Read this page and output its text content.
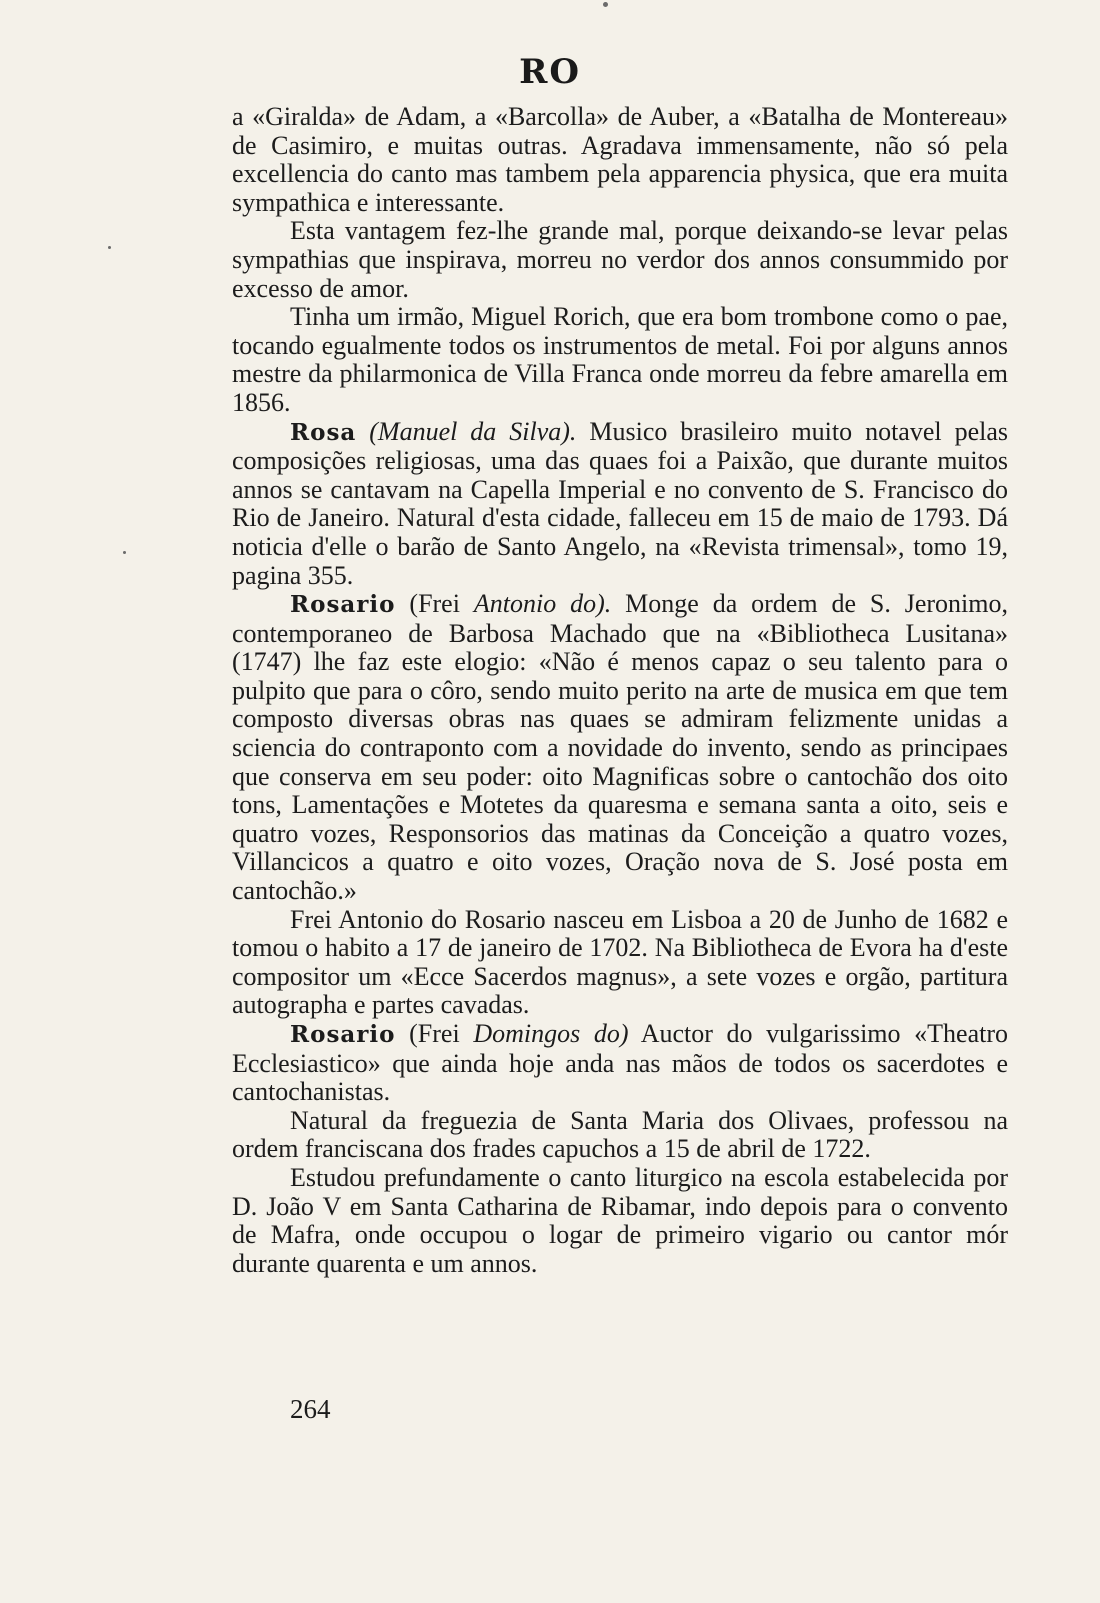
RO

a «Giralda» de Adam, a «Barcolla» de Auber, a «Batalha de Montereau» de Casimiro, e muitas outras. Agradava immensamente, não só pela excellencia do canto mas tambem pela apparencia physica, que era muita sympathica e interessante.

Esta vantagem fez-lhe grande mal, porque deixando-se levar pelas sympathias que inspirava, morreu no verdor dos annos consummido por excesso de amor.

Tinha um irmão, Miguel Rorich, que era bom trombone como o pae, tocando egualmente todos os instrumentos de metal. Foi por alguns annos mestre da philarmonica de Villa Franca onde morreu da febre amarella em 1856.

Rosa (Manuel da Silva). Musico brasileiro muito notavel pelas composições religiosas, uma das quaes foi a Paixão, que durante muitos annos se cantavam na Capella Imperial e no convento de S. Francisco do Rio de Janeiro. Natural d'esta cidade, falleceu em 15 de maio de 1793. Dá noticia d'elle o barão de Santo Angelo, na «Revista trimensal», tomo 19, pagina 355.

Rosario (Frei Antonio do). Monge da ordem de S. Jeronimo, contemporaneo de Barbosa Machado que na «Bibliotheca Lusitana» (1747) lhe faz este elogio: «Não é menos capaz o seu talento para o pulpito que para o côro, sendo muito perito na arte de musica em que tem composto diversas obras nas quaes se admiram felizmente unidas a sciencia do contraponto com a novidade do invento, sendo as principaes que conserva em seu poder: oito Magnificas sobre o cantochão dos oito tons, Lamentações e Motetes da quaresma e semana santa a oito, seis e quatro vozes, Responsorios das matinas da Conceição a quatro vozes, Villancicos a quatro e oito vozes, Oração nova de S. José posta em cantochão.»

Frei Antonio do Rosario nasceu em Lisboa a 20 de Junho de 1682 e tomou o habito a 17 de janeiro de 1702. Na Bibliotheca de Evora ha d'este compositor um «Ecce Sacerdos magnus», a sete vozes e orgão, partitura autographa e partes cavadas.

Rosario (Frei Domingos do) Auctor do vulgarissimo «Theatro Ecclesiastico» que ainda hoje anda nas mãos de todos os sacerdotes e cantochanistas.

Natural da freguezia de Santa Maria dos Olivaes, professou na ordem franciscana dos frades capuchos a 15 de abril de 1722.

Estudou prefundamente o canto liturgico na escola estabelecida por D. João V em Santa Catharina de Ribamar, indo depois para o convento de Mafra, onde occupou o logar de primeiro vigario ou cantor mór durante quarenta e um annos.

264
